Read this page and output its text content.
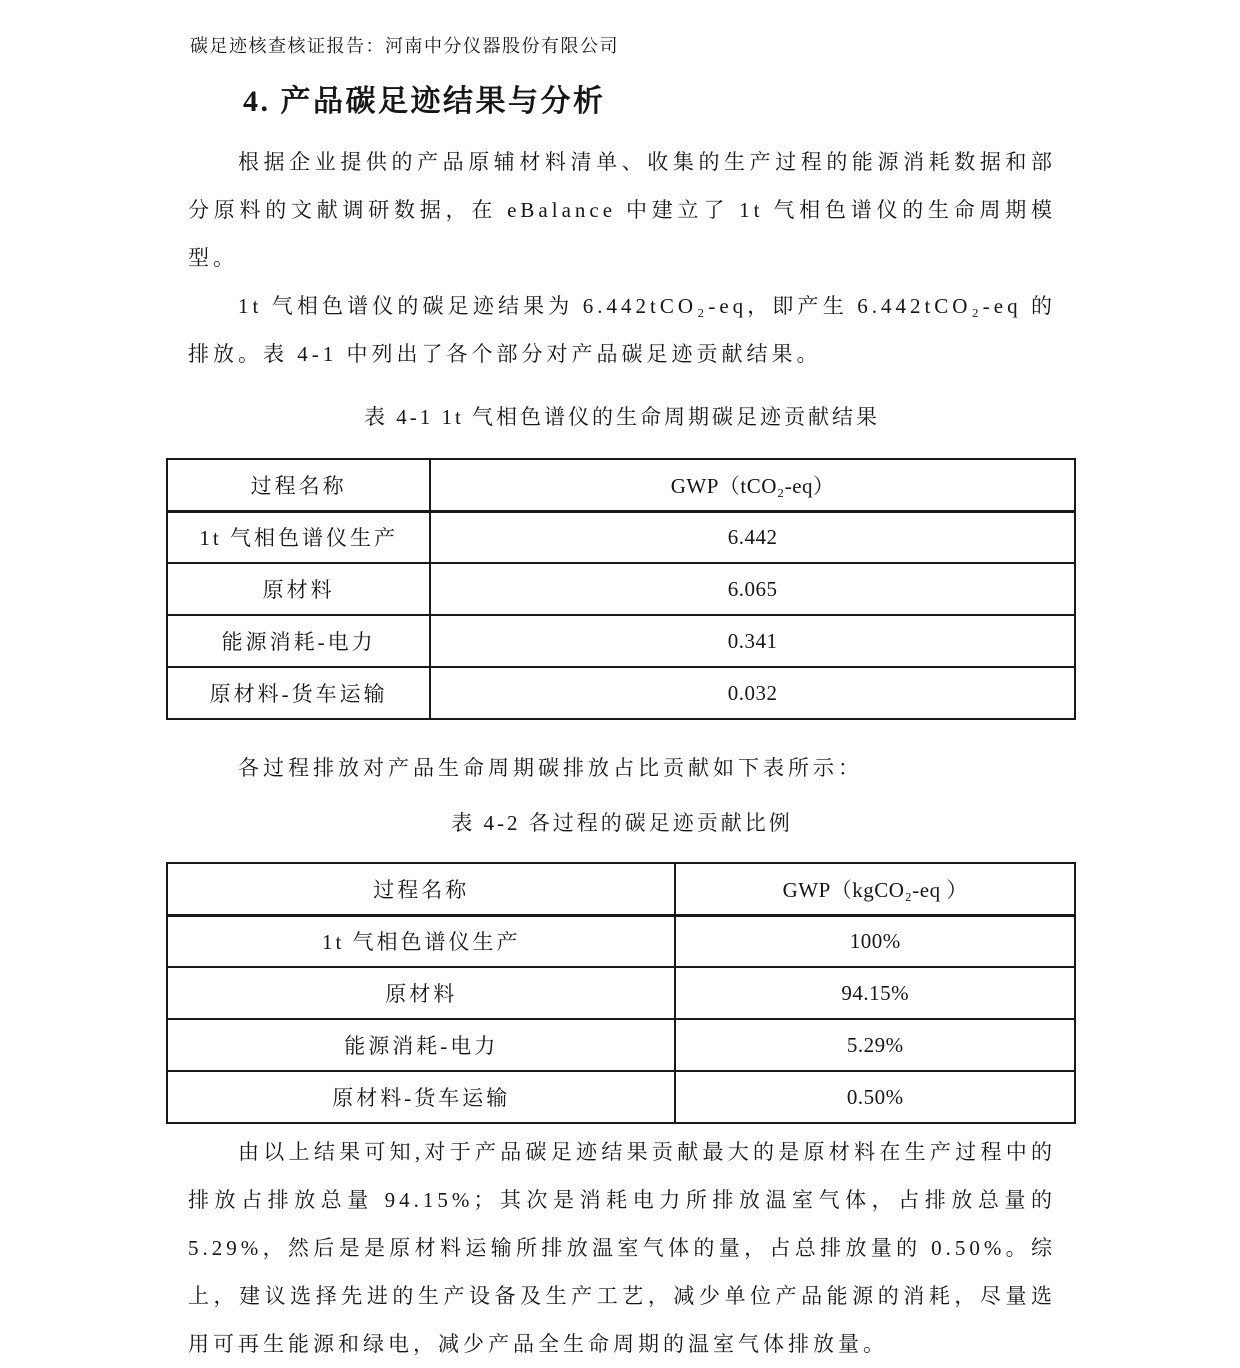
碳足迹核查核证报告：河南中分仪器股份有限公司
4. 产品碳足迹结果与分析

根据企业提供的产品原辅材料清单、收集的生产过程的能源消耗数据和部分原料的文献调研数据，在 eBalance 中建立了 1t 气相色谱仪的生命周期模型。

1t 气相色谱仪的碳足迹结果为 6.442tCO₂-eq，即产生 6.442tCO₂-eq 的排放。表 4-1 中列出了各个部分对产品碳足迹贡献结果。

表 4-1 1t 气相色谱仪的生命周期碳足迹贡献结果
过程名称	GWP（tCO₂-eq）
1t 气相色谱仪生产	6.442
原材料	6.065
能源消耗-电力	0.341
原材料-货车运输	0.032

各过程排放对产品生命周期碳排放占比贡献如下表所示：

表 4-2 各过程的碳足迹贡献比例
过程名称	GWP（kgCO₂-eq ）
1t 气相色谱仪生产	100%
原材料	94.15%
能源消耗-电力	5.29%
原材料-货车运输	0.50%

由以上结果可知,对于产品碳足迹结果贡献最大的是原材料在生产过程中的排放占排放总量 94.15%；其次是消耗电力所排放温室气体，占排放总量的 5.29%，然后是是原材料运输所排放温室气体的量，占总排放量的 0.50%。综上，建议选择先进的生产设备及生产工艺，减少单位产品能源的消耗，尽量选用可再生能源和绿电，减少产品全生命周期的温室气体排放量。
